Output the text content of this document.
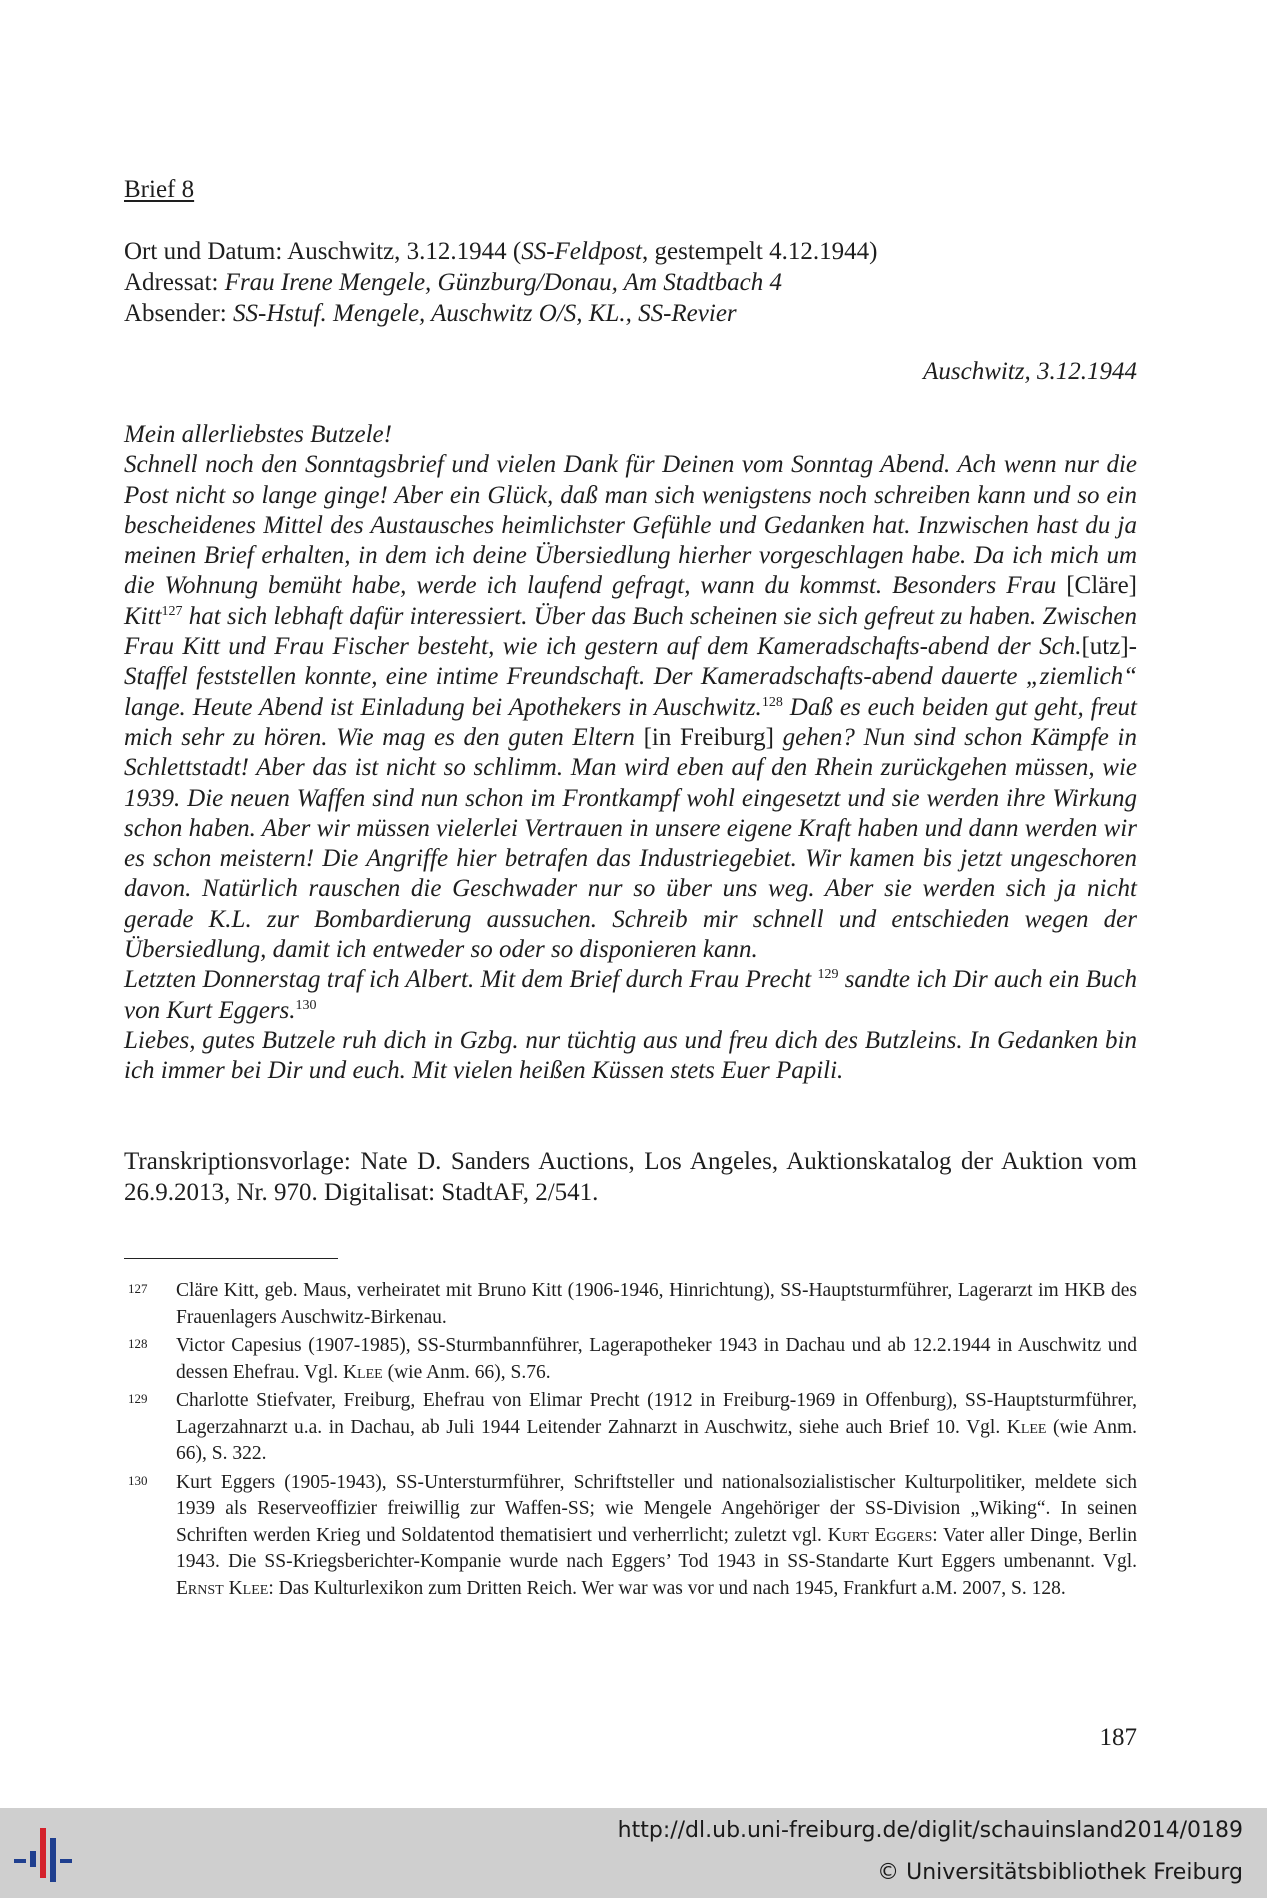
Brief 8
Ort und Datum: Auschwitz, 3.12.1944 (SS-Feldpost, gestempelt 4.12.1944)
Adressat: Frau Irene Mengele, Günzburg/Donau, Am Stadtbach 4
Absender: SS-Hstuf. Mengele, Auschwitz O/S, KL., SS-Revier
Auschwitz, 3.12.1944

Mein allerliebstes Butzele!

Schnell noch den Sonntagsbrief und vielen Dank für Deinen vom Sonntag Abend. Ach wenn nur die Post nicht so lange ginge! Aber ein Glück, daß man sich wenigstens noch schreiben kann und so ein bescheidenes Mittel des Austausches heimlichster Gefühle und Gedanken hat. Inzwischen hast du ja meinen Brief erhalten, in dem ich deine Übersiedlung hierher vorgeschlagen habe. Da ich mich um die Wohnung bemüht habe, werde ich laufend gefragt, wann du kommst. Besonders Frau [Cläre] Kitt$^{127}$ hat sich lebhaft dafür interessiert. Über das Buch scheinen sie sich gefreut zu haben. Zwischen Frau Kitt und Frau Fischer besteht, wie ich gestern auf dem Kameradschafts-abend der Sch.[utz]-Staffel feststellen konnte, eine intime Freundschaft. Der Kameradschafts-abend dauerte „ziemlich“ lange. Heute Abend ist Einladung bei Apothekers in Auschwitz.$^{128}$ Daß es euch beiden gut geht, freut mich sehr zu hören. Wie mag es den guten Eltern [in Freiburg] gehen? Nun sind schon Kämpfe in Schlettstadt! Aber das ist nicht so schlimm. Man wird eben auf den Rhein zurückgehen müssen, wie 1939. Die neuen Waffen sind nun schon im Frontkampf wohl eingesetzt und sie werden ihre Wirkung schon haben. Aber wir müssen vielerlei Vertrauen in unsere eigene Kraft haben und dann werden wir es schon meistern! Die Angriffe hier betrafen das Industriegebiet. Wir kamen bis jetzt ungeschoren davon. Natürlich rauschen die Geschwader nur so über uns weg. Aber sie werden sich ja nicht gerade K.L. zur Bombardierung aussuchen. Schreib mir schnell und entschieden wegen der Übersiedlung, damit ich entweder so oder so disponieren kann.

Letzten Donnerstag traf ich Albert. Mit dem Brief durch Frau Precht $^{129}$ sandte ich Dir auch ein Buch von Kurt Eggers.$^{130}$

Liebes, gutes Butzele ruh dich in Gzbg. nur tüchtig aus und freu dich des Butzleins. In Gedanken bin ich immer bei Dir und euch. Mit vielen heißen Küssen stets Euer Papili.

Transkriptionsvorlage: Nate D. Sanders Auctions, Los Angeles, Auktionskatalog der Auktion vom 26.9.2013, Nr. 970. Digitalisat: StadtAF, 2/541.
127 Cläre Kitt, geb. Maus, verheiratet mit Bruno Kitt (1906-1946, Hinrichtung), SS-Hauptsturmführer, Lagerarzt im HKB des Frauenlagers Auschwitz-Birkenau.
128 Victor Capesius (1907-1985), SS-Sturmbannführer, Lagerapotheker 1943 in Dachau und ab 12.2.1944 in Auschwitz und dessen Ehefrau. Vgl. Klee (wie Anm. 66), S.76.
129 Charlotte Stiefvater, Freiburg, Ehefrau von Elimar Precht (1912 in Freiburg-1969 in Offenburg), SS-Hauptsturmführer, Lagerzahnarzt u.a. in Dachau, ab Juli 1944 Leitender Zahnarzt in Auschwitz, siehe auch Brief 10. Vgl. Klee (wie Anm. 66), S. 322.
130 Kurt Eggers (1905-1943), SS-Untersturmführer, Schriftsteller und nationalsozialistischer Kulturpolitiker, meldete sich 1939 als Reserveoffizier freiwillig zur Waffen-SS; wie Mengele Angehöriger der SS-Division „Wiking“. In seinen Schriften werden Krieg und Soldatentod thematisiert und verherrlicht; zuletzt vgl. Kurt Eggers: Vater aller Dinge, Berlin 1943. Die SS-Kriegsberichter-Kompanie wurde nach Eggers’ Tod 1943 in SS-Standarte Kurt Eggers umbenannt. Vgl. Ernst Klee: Das Kulturlexikon zum Dritten Reich. Wer war was vor und nach 1945, Frankfurt a.M. 2007, S. 128.
187
http://dl.ub.uni-freiburg.de/diglit/schauinsland2014/0189
© Universitätsbibliothek Freiburg
